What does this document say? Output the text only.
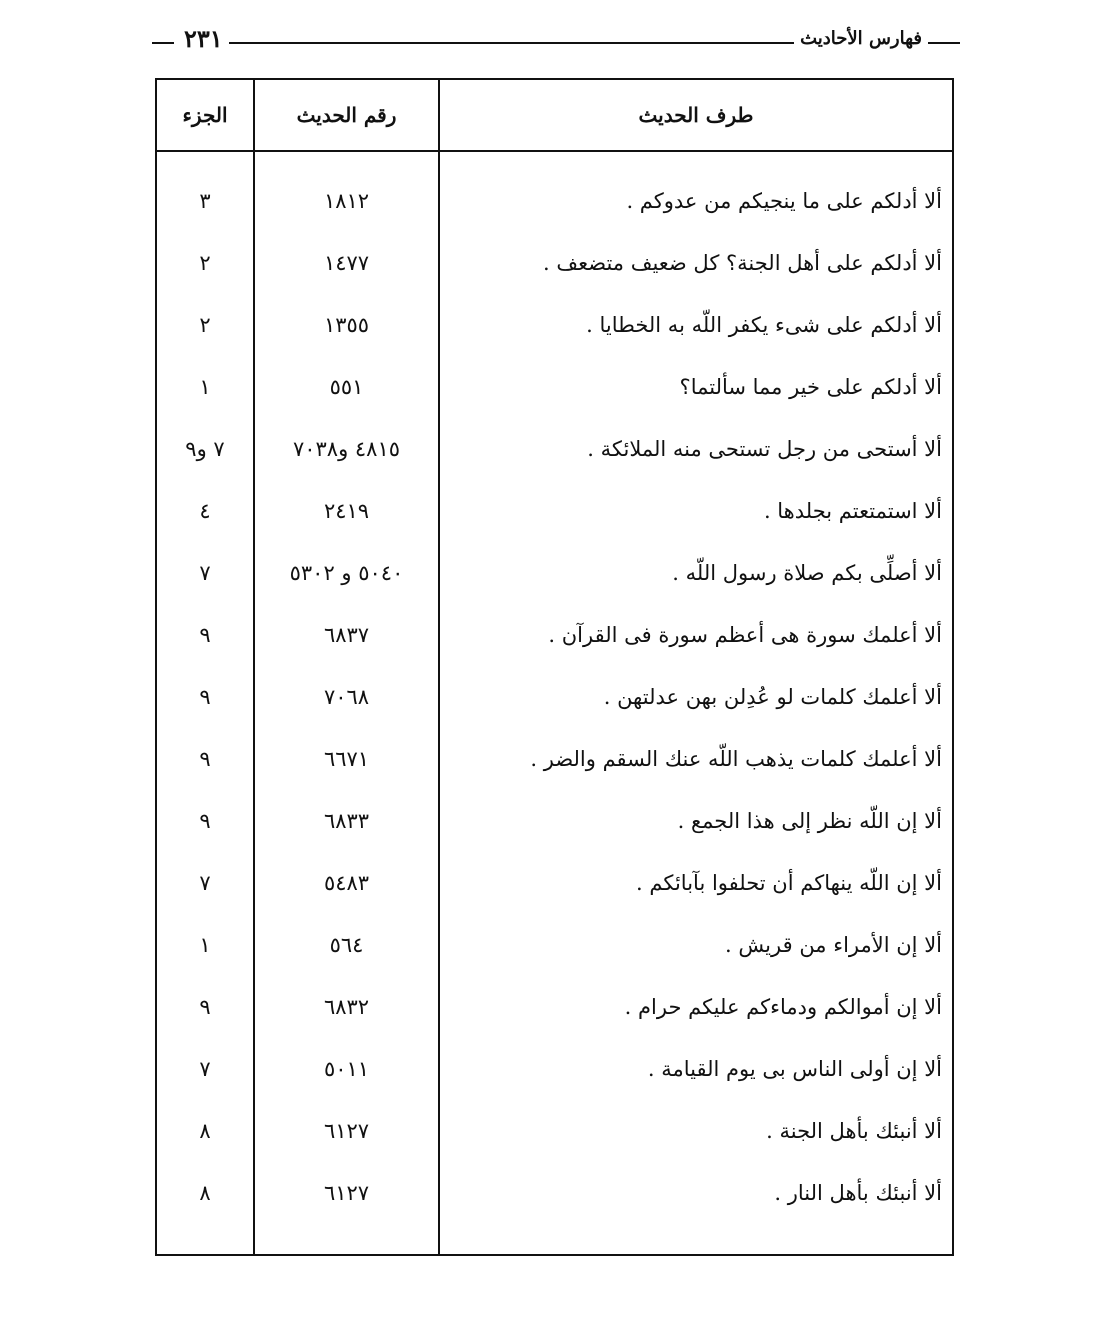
فهارس الأحاديث
٢٣١
طرف الحديث
رقم الحديث
الجزء
ألا أدلكم على ما ينجيكم من عدوكم .
١٨١٢
٣
ألا أدلكم على أهل الجنة؟ كل ضعيف متضعف .
١٤٧٧
٢
ألا أدلكم على شىء يكفر اللّه به الخطايا .
١٣٥٥
٢
ألا أدلكم على خير مما سألتما؟
٥٥١
١
ألا أستحى من رجل تستحى منه الملائكة .
٤٨١٥ و٧٠٣٨
٧ و٩
ألا استمتعتم بجلدها .
٢٤١٩
٤
ألا أصلِّى بكم صلاة رسول اللّه .
٥٠٤٠ و ٥٣٠٢
٧
ألا أعلمك سورة هى أعظم سورة فى القرآن .
٦٨٣٧
٩
ألا أعلمك كلمات لو عُدِلن بهن عدلتهن .
٧٠٦٨
٩
ألا أعلمك كلمات يذهب اللّه عنك السقم والضر .
٦٦٧١
٩
ألا إن اللّه نظر إلى هذا الجمع .
٦٨٣٣
٩
ألا إن اللّه ينهاكم أن تحلفوا بآبائكم .
٥٤٨٣
٧
ألا إن الأمراء من قريش .
٥٦٤
١
ألا إن أموالكم ودماءكم عليكم حرام .
٦٨٣٢
٩
ألا إن أولى الناس بى يوم القيامة .
٥٠١١
٧
ألا أنبئك بأهل الجنة .
٦١٢٧
٨
ألا أنبئك بأهل النار .
٦١٢٧
٨
